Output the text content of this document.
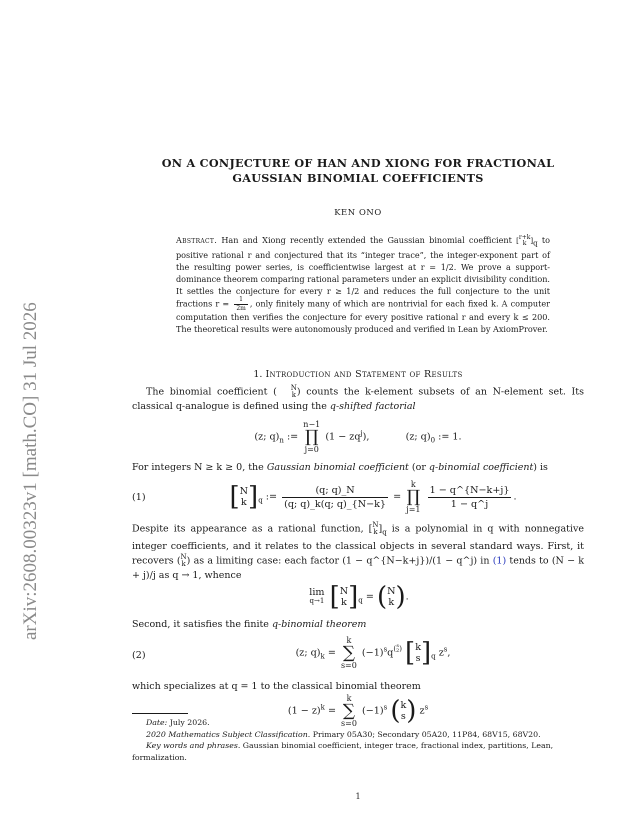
arXiv:2608.00323v1 [math.CO] 31 Jul 2026
ON A CONJECTURE OF HAN AND XIONG FOR FRACTIONAL
GAUSSIAN BINOMIAL COEFFICIENTS
KEN ONO
Abstract. Han and Xiong recently extended the Gaussian binomial coefficient [ r+k
k ]q to positive rational r and conjectured that its “integer trace”, the integer-exponent part of the resulting power series, is coefficientwise largest at r = 1/2. We prove a support-dominance theorem comparing rational parameters under an explicit divisibility condition. It settles the conjecture for every r ≥ 1/2 and reduces the full conjecture to the unit fractions $r = \frac{1}{2m}$ , only finitely many of which are nontrivial for each fixed k. A computer computation then verifies the conjecture for every positive rational r and every k ≤ 200. The theoretical results were autonomously produced and verified in Lean by AxiomProver.
1. Introduction and Statement of Results
The binomial coefficient (	N
k ) counts the k-element subsets of an N-element set. Its classical q-analogue is defined using the q-shifted factorial
(z; $q)_n$ :=
n−1
∏
j=0
$(1 - zq^j)$,	(z; $q)_0$ := 1.
For integers N ≥ k ≥ 0, the Gaussian binomial coefficient (or q-binomial coefficient) is
(1)	[ N
k ]$_q$ := $\frac{(q; q)\_N}{(q; q)\_k(q; q)\_\{N-k\}}$ =
k
∏
j=1
$\frac{1 - q\^{}\{N-k+j\}}{1 - q\^{}j}$ .
Despite its appearance as a rational function, [ N
k ]$_q$ is a polynomial in q with nonnegative integer coefficients, and it relates to the classical objects in several standard ways. First, it recovers ( N
k ) as a limiting case: each factor (1 − q^{N−k+j})/(1 − q^j) in (1) tends to (N − k + j)/j as q → 1, whence
lim
q→1 [ N
k ]$_q$ = ( N
k ).
Second, it satisfies the finite q-binomial theorem
(2)	(z; $q)_k$ =
k
∑
s=0
$(-1)^sq^{( s 2 )}$ [ k
s ]$_q$ $z^s$,
which specializes at q = 1 to the classical binomial theorem
$(1 - z)^k$ =
k
∑
s=0
$(-1)^s$ ( k
s ) $z^s$
Date: July 2026.
2020 Mathematics Subject Classification. Primary 05A30; Secondary 05A20, 11P84, 68V15, 68V20.
Key words and phrases. Gaussian binomial coefficient, integer trace, fractional index, partitions, Lean, formalization.
1
